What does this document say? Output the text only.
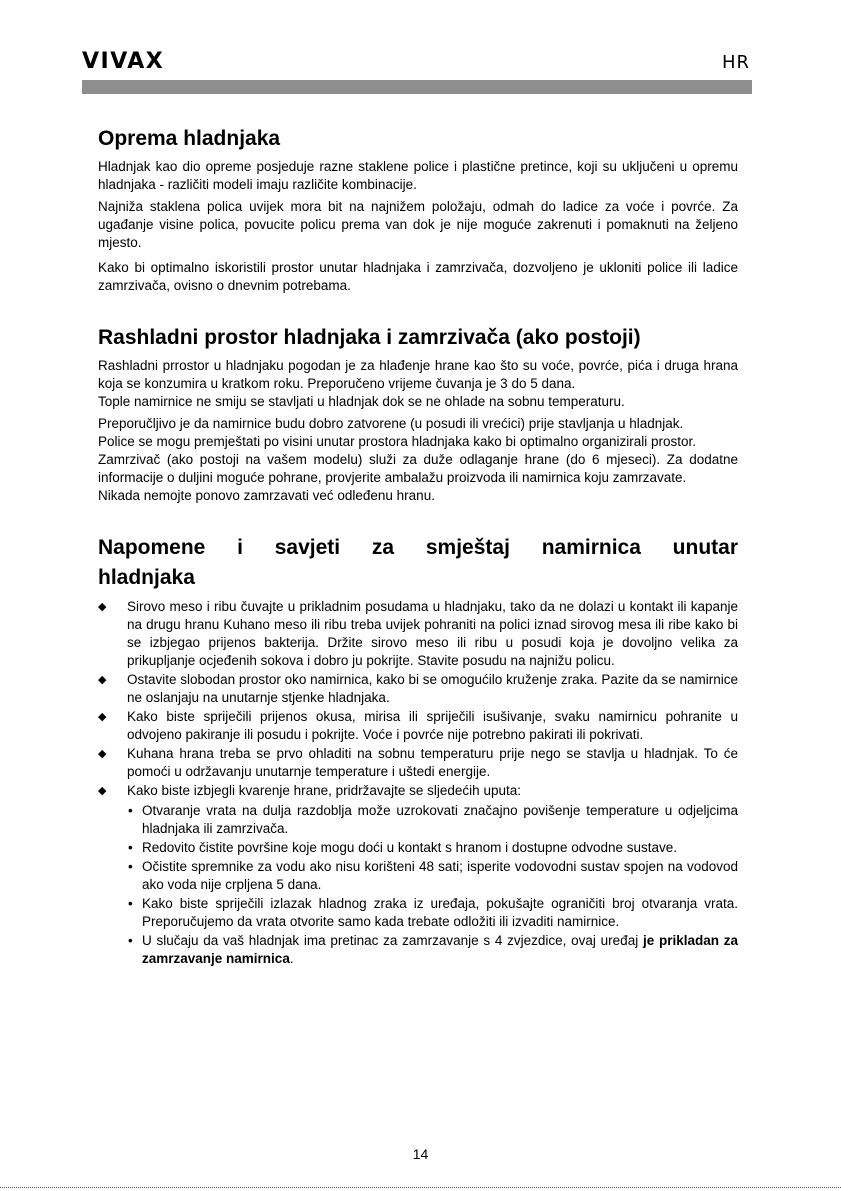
VIVAX	HR
Oprema hladnjaka

Hladnjak kao dio opreme posjeduje razne staklene police i plastične pretince, koji su uključeni u opremu hladnjaka - različiti modeli imaju različite kombinacije.

Najniža staklena polica uvijek mora bit na najnižem položaju, odmah do ladice za voće i povrće. Za ugađanje visine polica, povucite policu prema van dok je nije moguće zakrenuti i pomaknuti na željeno mjesto.

Kako bi optimalno iskoristili prostor unutar hladnjaka i zamrzivača, dozvoljeno je ukloniti police ili ladice zamrzivača, ovisno o dnevnim potrebama.

Rashladni prostor hladnjaka i zamrzivača (ako postoji)

Rashladni prrostor u hladnjaku pogodan je za hlađenje hrane kao što su voće, povrće, pića i druga hrana koja se konzumira u kratkom roku. Preporučeno vrijeme čuvanja je 3 do 5 dana.

Tople namirnice ne smiju se stavljati u hladnjak dok se ne ohlade na sobnu temperaturu.

Preporučljivo je da namirnice budu dobro zatvorene (u posudi ili vrećici) prije stavljanja u hladnjak.

Police se mogu premještati po visini unutar prostora hladnjaka kako bi optimalno organizirali prostor.

Zamrzivač (ako postoji na vašem modelu) služi za duže odlaganje hrane (do 6 mjeseci). Za dodatne informacije o duljini moguće pohrane, provjerite ambalažu proizvoda ili namirnica koju zamrzavate.

Nikada nemojte ponovo zamrzavati već odleđenu hranu.

Napomene i savjeti za smještaj namirnica unutar
hladnjaka
◆ Sirovo meso i ribu čuvajte u prikladnim posudama u hladnjaku, tako da ne dolazi u kontakt ili kapanje na drugu hranu Kuhano meso ili ribu treba uvijek pohraniti na polici iznad sirovog mesa ili ribe kako bi se izbjegao prijenos bakterija. Držite sirovo meso ili ribu u posudi koja je dovoljno velika za prikupljanje ocjeđenih sokova i dobro ju pokrijte. Stavite posudu na najnižu policu.
◆ Ostavite slobodan prostor oko namirnica, kako bi se omogućilo kruženje zraka. Pazite da se namirnice ne oslanjaju na unutarnje stjenke hladnjaka.
◆ Kako biste spriječili prijenos okusa, mirisa ili spriječili isušivanje, svaku namirnicu pohranite u odvojeno pakiranje ili posudu i pokrijte. Voće i povrće nije potrebno pakirati ili pokrivati.
◆ Kuhana hrana treba se prvo ohladiti na sobnu temperaturu prije nego se stavlja u hladnjak. To će pomoći u održavanju unutarnje temperature i uštedi energije.
◆ Kako biste izbjegli kvarenje hrane, pridržavajte se sljedećih uputa:
• Otvaranje vrata na dulja razdoblja može uzrokovati značajno povišenje temperature u odjeljcima hladnjaka ili zamrzivača.
• Redovito čistite površine koje mogu doći u kontakt s hranom i dostupne odvodne sustave.
• Očistite spremnike za vodu ako nisu korišteni 48 sati; isperite vodovodni sustav spojen na vodovod ako voda nije crpljena 5 dana.
• Kako biste spriječili izlazak hladnog zraka iz uređaja, pokušajte ograničiti broj otvaranja vrata. Preporučujemo da vrata otvorite samo kada trebate odložiti ili izvaditi namirnice.
• U slučaju da vaš hladnjak ima pretinac za zamrzavanje s 4 zvjezdice, ovaj uređaj je prikladan za zamrzavanje namirnica.
14
